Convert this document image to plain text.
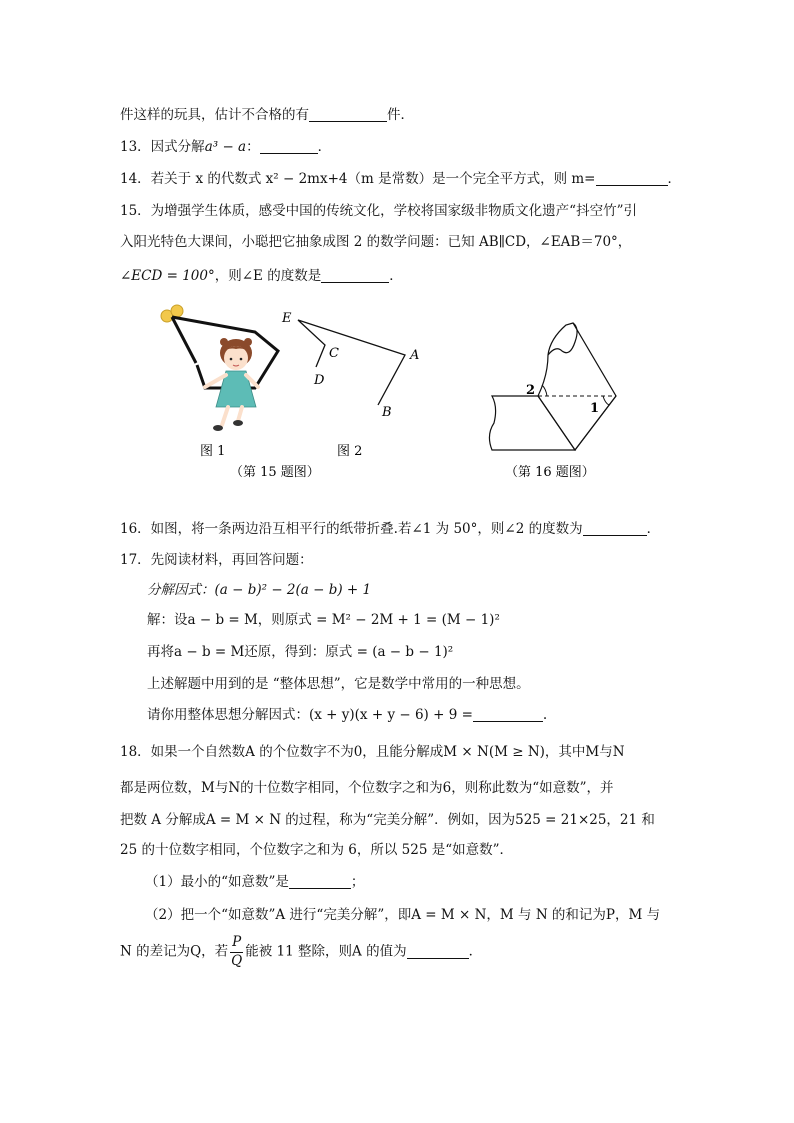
件这样的玩具，估计不合格的有	件．
13．因式分解a³ − a：	．
14．若关于 x 的代数式 x² − 2mx+4（m 是常数）是一个完全平方式，则 m=	．
15．为增强学生体质，感受中国的传统文化，学校将国家级非物质文化遗产“抖空竹”引
入阳光特色大课间，小聪把它抽象成图 2 的数学问题：已知 AB∥CD，∠EAB＝70°，
∠ECD = 100°，则∠E 的度数是	．
图 1
E
C
D
A
B
图 2
（第 15 题图）
2
1
（第 16 题图）
16．如图，将一条两边沿互相平行的纸带折叠.若∠1 为 50°，则∠2 的度数为	．
17．先阅读材料，再回答问题：
分解因式：(a − b)² − 2(a − b) + 1
解：设a − b = M，则原式 = M² − 2M + 1 = (M − 1)²
再将a − b = M还原，得到：原式 = (a − b − 1)²
上述解题中用到的是 “整体思想”，它是数学中常用的一种思想。
请你用整体思想分解因式：(x + y)(x + y − 6) + 9 =	.
18．如果一个自然数A 的个位数字不为0，且能分解成M × N(M ≥ N)，其中M与N
都是两位数，M与N的十位数字相同，个位数字之和为6，则称此数为“如意数”，并
把数 A 分解成A = M × N 的过程，称为“完美分解”．例如，因为525 = 21×25，21 和
25 的十位数字相同，个位数字之和为 6，所以 525 是“如意数”．
（1）最小的“如意数”是	；
（2）把一个“如意数”A 进行“完美分解”，即A = M × N，M 与 N 的和记为P，M 与
N 的差记为Q，若 $\frac{P}{Q}$ 能被 11 整除，则A 的值为	．
